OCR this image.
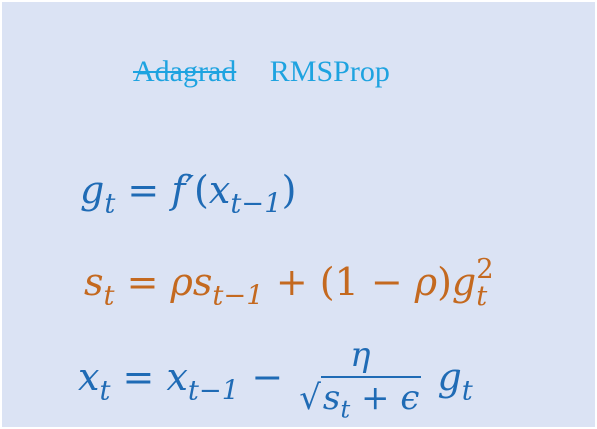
Adagrad RMSProp
$g_t = f'(x_{t-1})$
$s_t = \rho s_{t-1} + (1 - \rho)g$ 2
t
$x_t = x_{t-1} - \frac{\eta}{√s_t + \epsilon} g_t$
